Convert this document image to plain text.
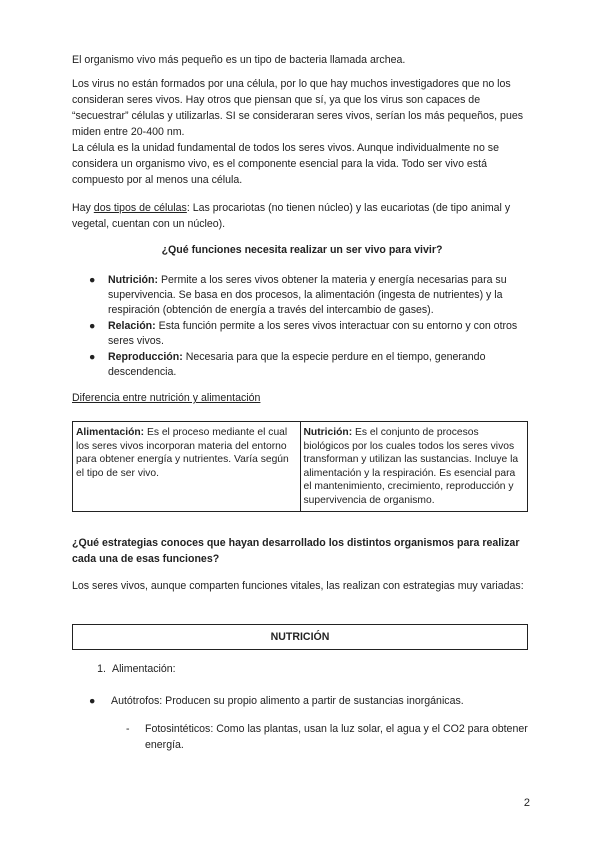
El organismo vivo más pequeño es un tipo de bacteria llamada archea.

Los virus no están formados por una célula, por lo que hay muchos investigadores que no los consideran seres vivos. Hay otros que piensan que sí, ya que los virus son capaces de “secuestrar” células y utilizarlas. SI se consideraran seres vivos, serían los más pequeños, pues miden entre 20-400 nm.

La célula es la unidad fundamental de todos los seres vivos. Aunque individualmente no se considera un organismo vivo, es el componente esencial para la vida. Todo ser vivo está compuesto por al menos una célula.

Hay dos tipos de células: Las procariotas (no tienen núcleo) y las eucariotas (de tipo animal y vegetal, cuentan con un núcleo).

¿Qué funciones necesita realizar un ser vivo para vivir?

● Nutrición: Permite a los seres vivos obtener la materia y energía necesarias para su supervivencia. Se basa en dos procesos, la alimentación (ingesta de nutrientes) y la respiración (obtención de energía a través del intercambio de gases).
● Relación: Esta función permite a los seres vivos interactuar con su entorno y con otros seres vivos.
● Reproducción: Necesaria para que la especie perdure en el tiempo, generando descendencia.

Diferencia entre nutrición y alimentación

Alimentación: Es el proceso mediante el cual los seres vivos incorporan materia del entorno para obtener energía y nutrientes. Varía según el tipo de ser vivo.	Nutrición: Es el conjunto de procesos biológicos por los cuales todos los seres vivos transforman y utilizan las sustancias. Incluye la alimentación y la respiración. Es esencial para el mantenimiento, crecimiento, reproducción y supervivencia de organismo.

¿Qué estrategias conoces que hayan desarrollado los distintos organismos para realizar cada una de esas funciones?

Los seres vivos, aunque comparten funciones vitales, las realizan con estrategias muy variadas:

NUTRICIÓN

1. Alimentación:

● Autótrofos: Producen su propio alimento a partir de sustancias inorgánicas.

-	Fotosintéticos: Como las plantas, usan la luz solar, el agua y el CO2 para obtener energía.
2
